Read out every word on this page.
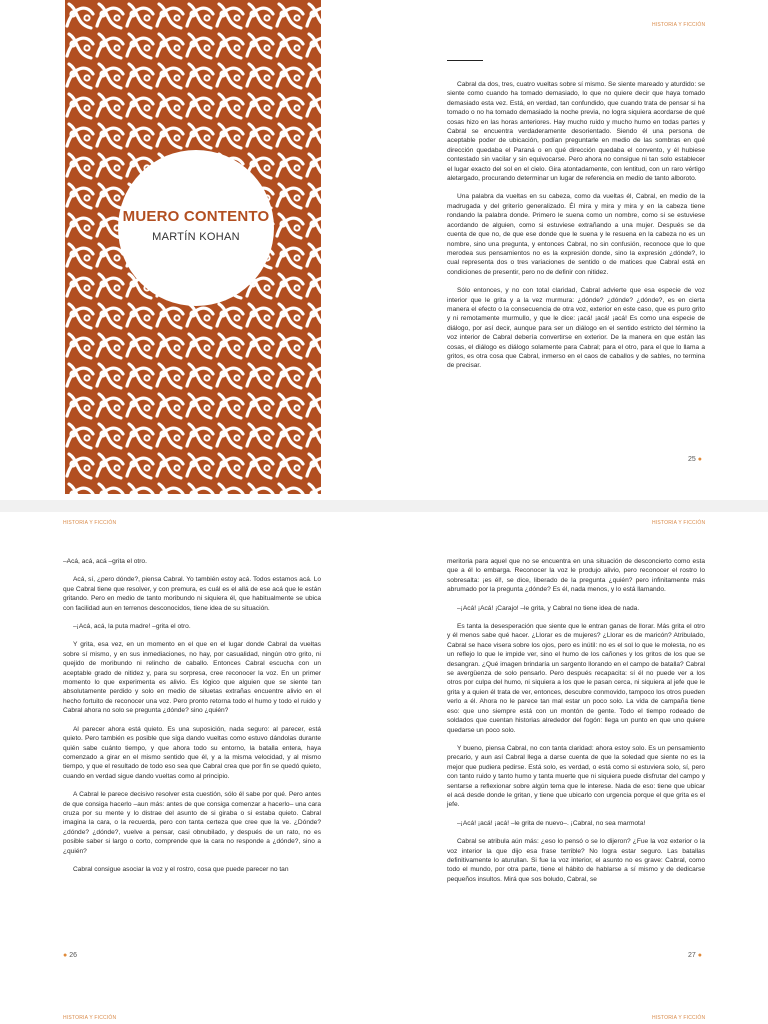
MUERO CONTENTO
MARTÍN KOHAN
HISTORIA Y FICCIÓN

Cabral da dos, tres, cuatro vueltas sobre sí mismo. Se siente mareado y aturdido: se siente como cuando ha tomado demasiado, lo que no quiere decir que haya tomado demasiado esta vez. Está, en verdad, tan confundido, que cuando trata de pensar si ha tomado o no ha tomado demasiado la noche previa, no logra siquiera acordarse de qué cosas hizo en las horas anteriores. Hay mucho ruido y mucho humo en todas partes y Cabral se encuentra verdaderamente desorientado. Siendo él una persona de aceptable poder de ubicación, podían preguntarle en medio de las sombras en qué dirección quedaba el Paraná o en qué dirección quedaba el convento, y él hubiese contestado sin vacilar y sin equivocarse. Pero ahora no consigue ni tan solo establecer el lugar exacto del sol en el cielo. Gira atontadamente, con lentitud, con un raro vértigo aletargado, procurando determinar un lugar de referencia en medio de tanto alboroto.

Una palabra da vueltas en su cabeza, como da vueltas él, Cabral, en medio de la madrugada y del griterío generalizado. Él mira y mira y mira y en la cabeza tiene rondando la palabra donde. Primero le suena como un nombre, como si se estuviese acordando de alguien, como si estuviese extrañando a una mujer. Después se da cuenta de que no, de que ese donde que le suena y le resuena en la cabeza no es un nombre, sino una pregunta, y entonces Cabral, no sin confusión, reconoce que lo que merodea sus pensamientos no es la expresión donde, sino la expresión ¿dónde?, lo cual representa dos o tres variaciones de sentido o de matices que Cabral está en condiciones de presentir, pero no de definir con nitidez.

Sólo entonces, y no con total claridad, Cabral advierte que esa especie de voz interior que le grita y a la vez murmura: ¿dónde? ¿dónde? ¿dónde?, es en cierta manera el efecto o la consecuencia de otra voz, exterior en este caso, que es puro grito y ni remotamente murmullo, y que le dice: ¡acá! ¡acá! ¡acá! Es como una especie de diálogo, por así decir, aunque para ser un diálogo en el sentido estricto del término la voz interior de Cabral debería convertirse en exterior. De la manera en que están las cosas, el diálogo es diálogo solamente para Cabral; para el otro, para el que lo llama a gritos, es otra cosa que Cabral, inmerso en el caos de caballos y de sables, no termina de precisar.

25 ●
HISTORIA Y FICCIÓN	HISTORIA Y FICCIÓN

–Acá, acá, acá –grita el otro.

Acá, sí, ¿pero dónde?, piensa Cabral. Yo también estoy acá. Todos estamos acá. Lo que Cabral tiene que resolver, y con premura, es cuál es el allá de ese acá que le están gritando. Pero en medio de tanto moribundo ni siquiera él, que habitualmente se ubica con facilidad aun en terrenos desconocidos, tiene idea de su situación.

–¡Acá, acá, la puta madre! –grita el otro.

Y grita, esa vez, en un momento en el que en el lugar donde Cabral da vueltas sobre sí mismo, y en sus inmediaciones, no hay, por casualidad, ningún otro grito, ni quejido de moribundo ni relincho de caballo. Entonces Cabral escucha con un aceptable grado de nitidez y, para su sorpresa, cree reconocer la voz. En un primer momento lo que experimenta es alivio. Es lógico que alguien que se siente tan absolutamente perdido y solo en medio de siluetas extrañas encuentre alivio en el hecho fortuito de reconocer una voz. Pero pronto retorna todo el humo y todo el ruido y Cabral ahora no solo se pregunta ¿dónde? sino ¿quién?

Al parecer ahora está quieto. Es una suposición, nada seguro: al parecer, está quieto. Pero también es posible que siga dando vueltas como estuvo dándolas durante quién sabe cuánto tiempo, y que ahora todo su entorno, la batalla entera, haya comenzado a girar en el mismo sentido que él, y a la misma velocidad, y al mismo tiempo, y que el resultado de todo eso sea que Cabral crea que por fin se quedó quieto, cuando en verdad sigue dando vueltas como al principio.

A Cabral le parece decisivo resolver esta cuestión, sólo él sabe por qué. Pero antes de que consiga hacerlo –aun más: antes de que consiga comenzar a hacerlo– una cara cruza por su mente y lo distrae del asunto de si giraba o si estaba quieto. Cabral imagina la cara, o la recuerda, pero con tanta certeza que cree que la ve. ¿Dónde? ¿dónde? ¿dónde?, vuelve a pensar, casi obnubilado, y después de un rato, no es posible saber si largo o corto, comprende que la cara no responde a ¿dónde?, sino a ¿quién?

Cabral consigue asociar la voz y el rostro, cosa que puede parecer no tan

meritoria para aquel que no se encuentra en una situación de desconcierto como esta que a él lo embarga. Reconocer la voz le produjo alivio, pero reconocer el rostro lo sobresalta: ¡es él!, se dice, liberado de la pregunta ¿quién? pero infinitamente más abrumado por la pregunta ¿dónde? Es él, nada menos, y lo está llamando.

–¡Acá! ¡Acá! ¡Carajo! –le grita, y Cabral no tiene idea de nada.

Es tanta la desesperación que siente que le entran ganas de llorar. Más grita el otro y él menos sabe qué hacer. ¿Llorar es de mujeres? ¿Llorar es de maricón? Atribulado, Cabral se hace visera sobre los ojos, pero es inútil: no es el sol lo que le molesta, no es un reflejo lo que le impide ver, sino el humo de los cañones y los gritos de los que se desangran. ¿Qué imagen brindaría un sargento llorando en el campo de batalla? Cabral se avergüenza de solo pensarlo. Pero después recapacita: sí él no puede ver a los otros por culpa del humo, ni siquiera a los que le pasan cerca, ni siquiera al jefe que le grita y a quien él trata de ver, entonces, descubre conmovido, tampoco los otros pueden verlo a él. Ahora no le parece tan mal estar un poco solo. La vida de campaña tiene eso: que uno siempre está con un montón de gente. Todo el tiempo rodeado de soldados que cuentan historias alrededor del fogón: llega un punto en que uno quiere quedarse un poco solo.

Y bueno, piensa Cabral, no con tanta claridad: ahora estoy solo. Es un pensamiento precario, y aun así Cabral llega a darse cuenta de que la soledad que siente no es la mejor que pudiera pedirse. Está solo, es verdad, o está como si estuviera solo, sí, pero con tanto ruido y tanto humo y tanta muerte que ni siquiera puede disfrutar del campo y sentarse a reflexionar sobre algún tema que le interese. Nada de eso: tiene que ubicar el acá desde donde le gritan, y tiene que ubicarlo con urgencia porque el que grita es el jefe.

–¡Acá! ¡acá! ¡acá! –le grita de nuevo–. ¡Cabral, no sea marmota!

Cabral se atribula aún más: ¿eso lo pensó o se lo dijeron? ¿Fue la voz exterior o la voz interior la que dijo esa frase terrible? No logra estar seguro. Las batallas definitivamente lo aturullan. Si fue la voz interior, el asunto no es grave: Cabral, como todo el mundo, por otra parte, tiene el hábito de hablarse a sí mismo y de dedicarse pequeños insultos. Mirá que sos boludo, Cabral, se

● 26	27 ●
HISTORIA Y FICCIÓN	HISTORIA Y FICCIÓN
